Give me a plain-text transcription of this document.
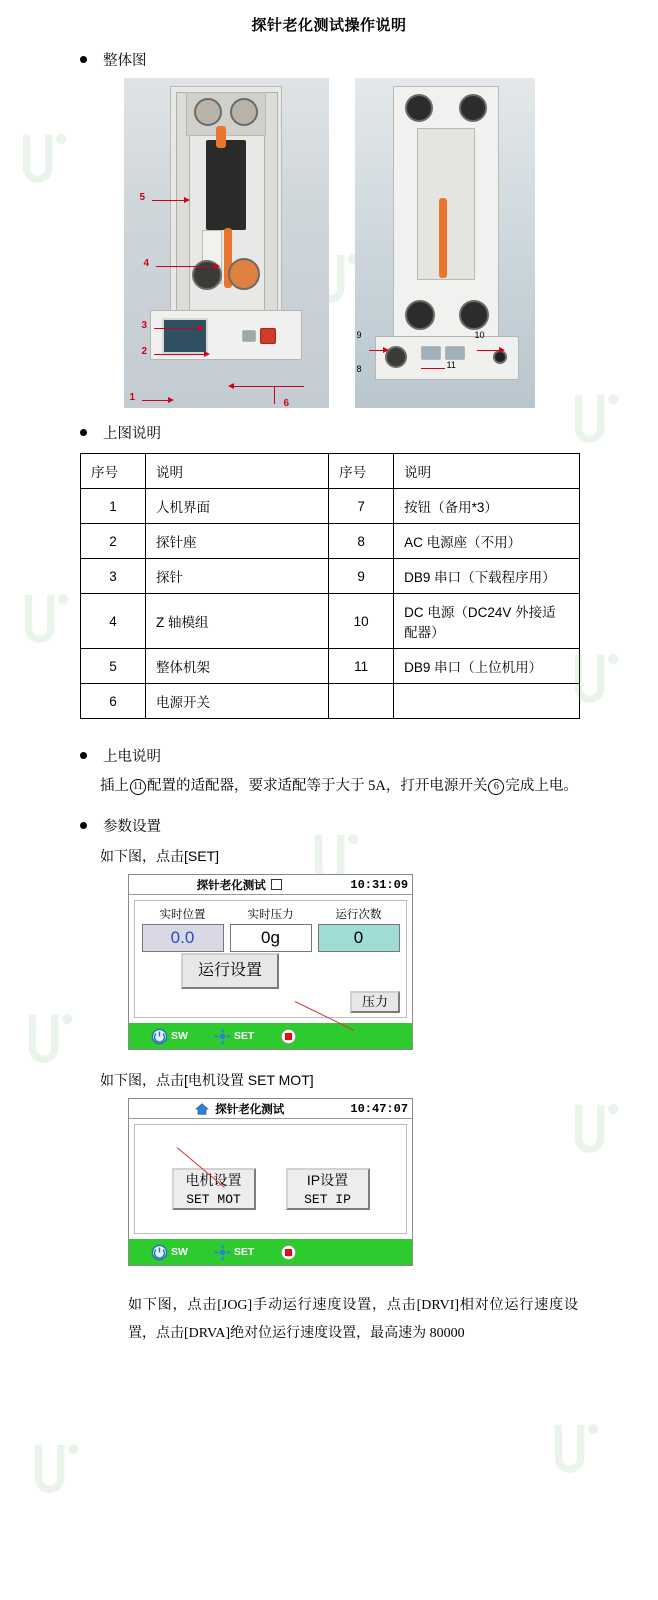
探针老化测试操作说明
整体图
5
4
3
2
1
6
9
8	11
10
上图说明
序号	说明	序号	说明
1	人机界面	7	按钮（备用*3）
2	探针座	8	AC 电源座（不用）
3	探针	9	DB9 串口（下载程序用）
4	Z 轴模组	10	DC 电源（DC24V 外接适配器）
5	整体机架	11	DB9 串口（上位机用）
6	电源开关		
上电说明
插上 11 配置的适配器，要求适配等于大于 5A，打开电源开关 6 完成上电。
参数设置
如下图，点击[SET]
探针老化测试	10:31:09
实时位置
0.0
实时压力
0g
运行次数
0
运行设置
压力
SW	SET
如下图，点击[电机设置 SET MOT]
探针老化测试	10:47:07
电机设置
SET MOT
IP设置
SET IP
SW	SET
如下图，点击[JOG]手动运行速度设置，点击[DRVI]相对位运行速度设置，点击[DRVA]绝对位运行速度设置，最高速为 80000
